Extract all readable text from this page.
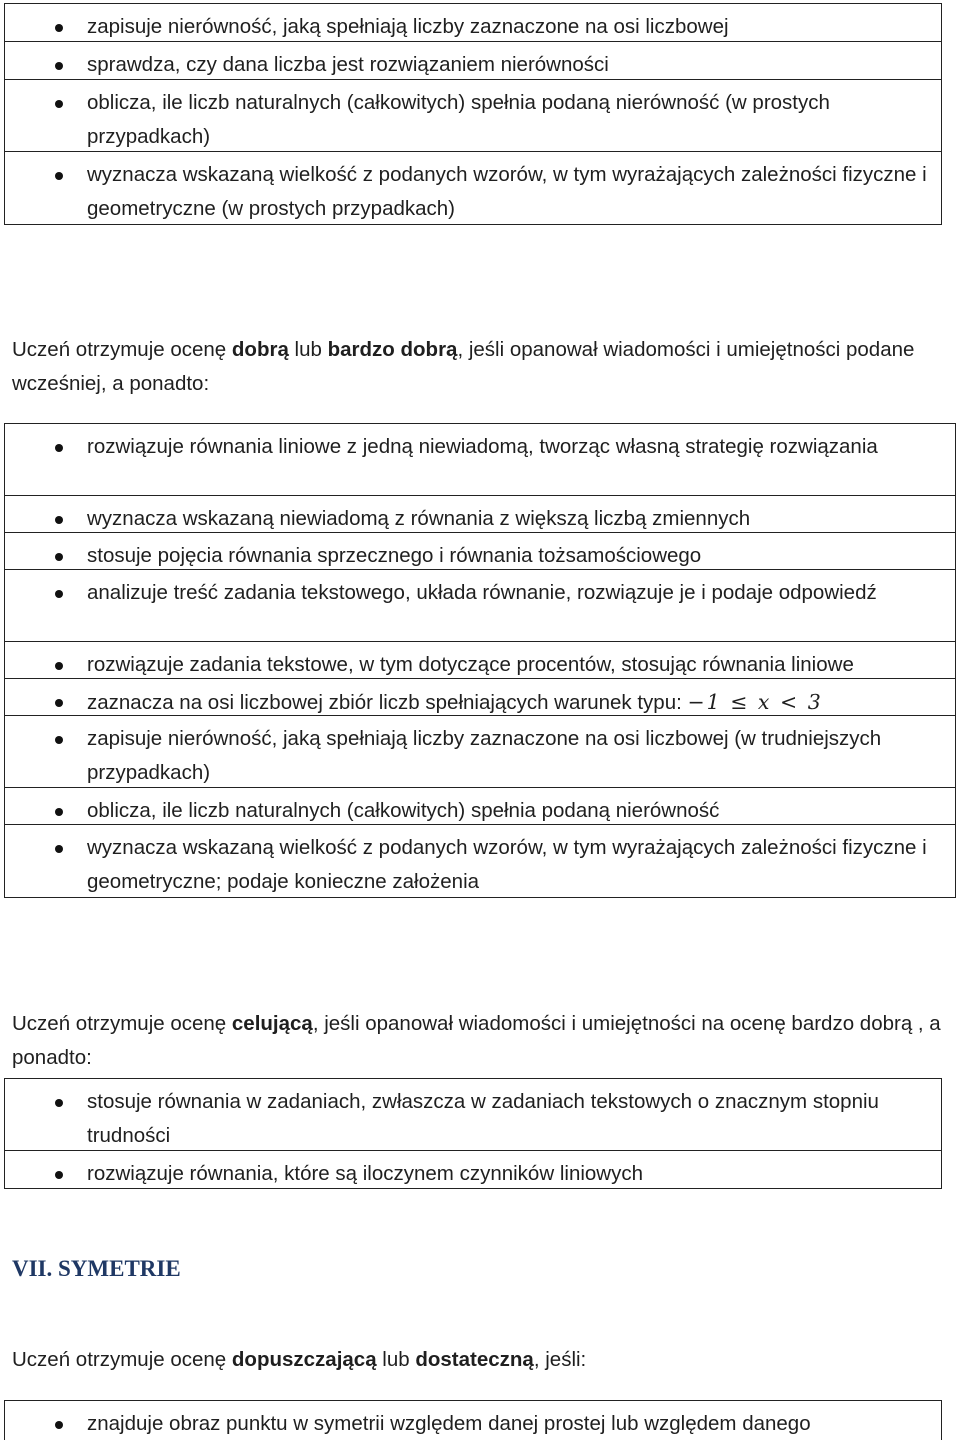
zapisuje nierówność, jaką spełniają liczby zaznaczone na osi liczbowej
sprawdza, czy dana liczba jest rozwiązaniem nierówności
oblicza, ile liczb naturalnych (całkowitych) spełnia podaną nierówność (w prostych przypadkach)
wyznacza wskazaną wielkość z podanych wzorów, w tym wyrażających zależności fizyczne i geometryczne (w prostych przypadkach)
Uczeń otrzymuje ocenę dobrą lub bardzo dobrą, jeśli opanował wiadomości i umiejętności podane wcześniej, a ponadto:
rozwiązuje równania liniowe z jedną niewiadomą, tworząc własną strategię rozwiązania
wyznacza wskazaną niewiadomą z równania z większą liczbą zmiennych
stosuje pojęcia równania sprzecznego i równania tożsamościowego
analizuje treść zadania tekstowego, układa równanie, rozwiązuje je i podaje odpowiedź
rozwiązuje zadania tekstowe, w tym dotyczące procentów, stosując równania liniowe
zaznacza na osi liczbowej zbiór liczb spełniających warunek typu: −1 ≤ x < 3
zapisuje nierówność, jaką spełniają liczby zaznaczone na osi liczbowej (w trudniejszych przypadkach)
oblicza, ile liczb naturalnych (całkowitych) spełnia podaną nierówność
wyznacza wskazaną wielkość z podanych wzorów, w tym wyrażających zależności fizyczne i geometryczne; podaje konieczne założenia
Uczeń otrzymuje ocenę celującą, jeśli opanował wiadomości i umiejętności na ocenę bardzo dobrą , a ponadto:
stosuje równania w zadaniach, zwłaszcza w zadaniach tekstowych o znacznym stopniu trudności
rozwiązuje równania, które są iloczynem czynników liniowych
VII. SYMETRIE
Uczeń otrzymuje ocenę dopuszczającą lub dostateczną, jeśli:
znajduje obraz punktu w symetrii względem danej prostej lub względem danego
